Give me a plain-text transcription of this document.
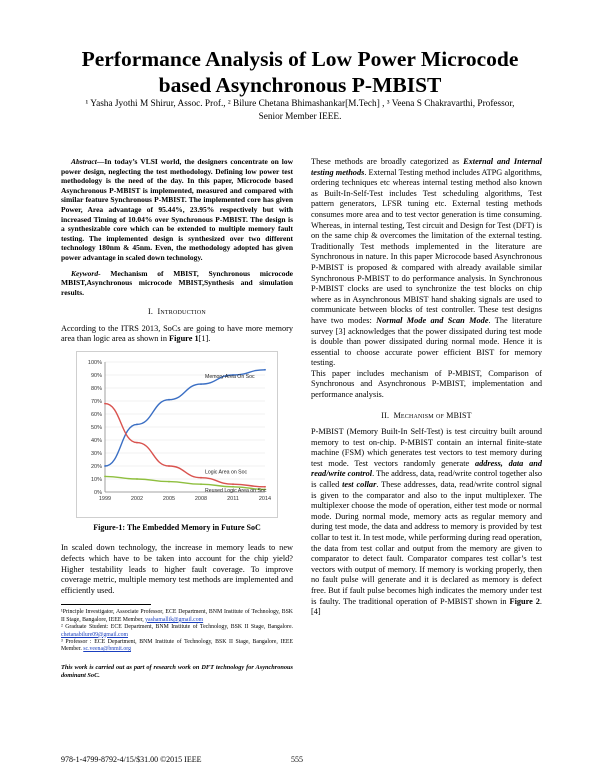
Performance Analysis of Low Power Microcode
based Asynchronous P-MBIST
¹ Yasha Jyothi M Shirur, Assoc. Prof., ² Bilure Chetana Bhimashankar[M.Tech] , ³ Veena S Chakravarthi, Professor,
Senior Member IEEE.

Abstract—In today’s VLSI world, the designers concentrate on low power design, neglecting the test methodology. Defining low power test methodology is the need of the day. In this paper, Microcode based Asynchronous P-MBIST is implemented, measured and compared with similar feature Synchronous P-MBIST. The implemented core has given Power, Area advantage of 95.44%, 23.95% respectively but with increased Timing of 10.04% over Synchronous P-MBIST. The design is a synthesizable core which can be extended to multiple memory fault testing. The implemented design is synthesized over two different technology 180nm & 45nm. Even, the methodology adopted has given power advantage in scaled down technology.

Keyword- Mechanism of MBIST, Synchronous microcode MBIST,Asynchronous microcode MBIST,Synthesis and simulation results.

I. Introduction

According to the ITRS 2013, SoCs are going to have more memory area than logic area as shown in Figure 1[1].

0%
10%
20%
30%
40%
50%
60%
70%
80%
90%
100%
1999	2002	2005	2008	2011	2014
Memory Area On Soc
Logic Area on Soc
Reused Logic Area on Soc
Figure-1: The Embedded Memory in Future SoC

In scaled down technology, the increase in memory leads to new defects which have to be taken into account for the chip yield? Higher testability leads to higher fault coverage. To improve coverage metric, multiple memory test methods are implemented and efficiently used.

¹Principle Investigator, Associate Professor, ECE Department, BNM Institute of Technology, BSK II Stage, Bangalore, IEEE Member, yashamallik@gmail.com

² Graduate Student: ECE Department, BNM Institute of Technology, BSK II Stage, Bangalore. chetanabilure09@gmail.com

³ Professor : ECE Department, BNM Institute of Technology, BSK II Stage, Bangalore, IEEE Member. sc.veena@bnmit.org

This work is carried out as part of research work on DFT technology for Asynchronous dominant SoC.

These methods are broadly categorized as External and Internal testing methods. External Testing method includes ATPG algorithms, ordering techniques etc whereas internal testing method also known as Built-In-Self-Test includes Test scheduling algorithms, Test pattern generators, LFSR tuning etc. External testing methods consumes more area and to test vector generation is time consuming. Whereas, in internal testing, Test circuit and Design for Test (DFT) is on the same chip & overcomes the limitation of the external testing. Traditionally Test methods implemented in the literature are Synchronous in nature. In this paper Microcode based Asynchronous P-MBIST is proposed & compared with already available similar Synchronous P-MBIST to do performance analysis. In Synchronous P-MBIST clocks are used to synchronize the test blocks on chip where as in Asynchronous MBIST hand shaking signals are used to communicate between blocks of test controller. These test designs have two modes: Normal Mode and Scan Mode. The literature survey [3] acknowledges that the power dissipated during test mode is double than power dissipated during normal mode. Hence it is essential to choose accurate power efficient BIST for memory testing.

This paper includes mechanism of P-MBIST, Comparison of Synchronous and Asynchronous P-MBIST, implementation and performance analysis.

II. Mechanism of MBIST

P-MBIST (Memory Built-In Self-Test) is test circuitry built around memory to test on-chip. P-MBIST contain an internal finite-state machine (FSM) which generates test vectors to test memory during test mode. Test vectors randomly generate address, data and read/write control. The address, data, read/write control together also is called test collar. These addresses, data, read/write control signal is given to the comparator and also to the input multiplexer. The multiplexer choose the mode of operation, either test mode or normal mode. During normal mode, memory acts as regular memory and during test mode, the data and address to memory is provided by test collar to test it. In test mode, while performing during read operation, the data from test collar and output from the memory are given to comparator to detect fault. Comparator compares test collar’s test vectors with output of memory. If memory is working properly, then no fault pulse will generate and it is declared as memory is defect free. But if fault pulse becomes high indicates the memory under test is faulty. The traditional operation of P-MBIST shown in Figure 2. [4]

978-1-4799-8792-4/15/$31.00 ©2015 IEEE	555
